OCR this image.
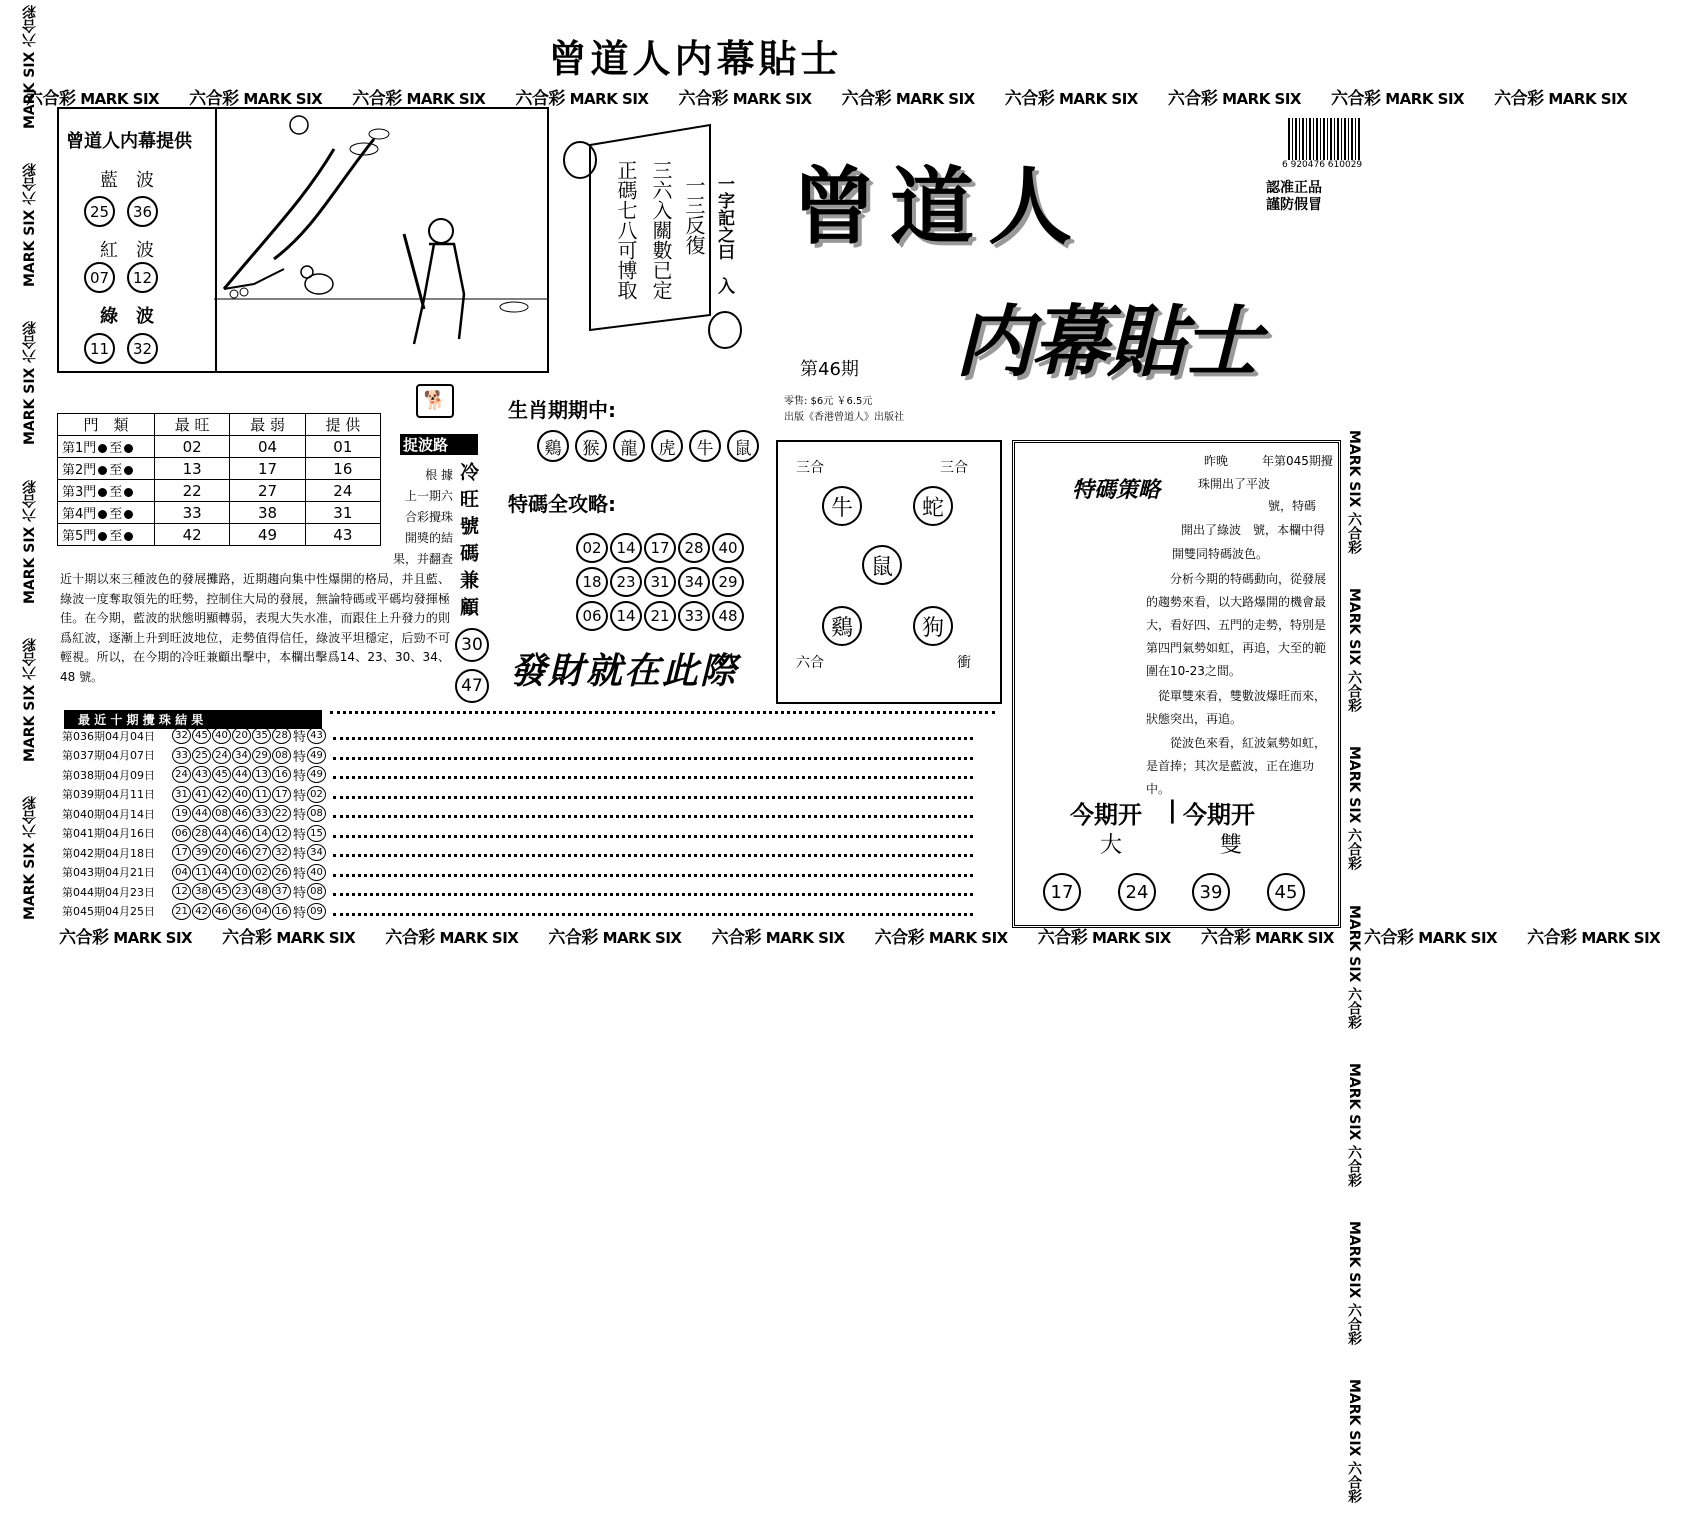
曾道人内幕貼士
六合彩 MARK SIX 六合彩 MARK SIX 六合彩 MARK SIX 六合彩 MARK SIX 六合彩 MARK SIX 六合彩 MARK SIX 六合彩 MARK SIX 六合彩 MARK SIX 六合彩 MARK SIX 六合彩 MARK SIX
六合彩 MARK SIX 六合彩 MARK SIX 六合彩 MARK SIX 六合彩 MARK SIX 六合彩 MARK SIX 六合彩 MARK SIX 六合彩 MARK SIX 六合彩 MARK SIX 六合彩 MARK SIX 六合彩 MARK SIX
MARK SIX 六合彩MARK SIX 六合彩MARK SIX 六合彩MARK SIX 六合彩MARK SIX 六合彩MARK SIX 六合彩
MARK SIX 六合彩MARK SIX 六合彩MARK SIX 六合彩MARK SIX 六合彩MARK SIX 六合彩MARK SIX 六合彩MARK SIX 六合彩
曾道人内幕提供
藍　波
25	36
紅　波
07	12
綠　波
11	32
正碼七八可博取 三六入關數已定 一三反復 一字記之曰　入 曾道人
内幕貼士
第46期
零售: $6元 ￥6.5元
出版《香港曾道人》出版社
6 920476 610029
認准正品
謹防假冒
門　類	最 旺	最 弱	提 供
第1門 至	02	04	01
第2門 至	13	17	16
第3門 至	22	27	24
第4門 至	33	38	31
第5門 至	42	49	43
🐕
捉波路
根 據
上一期六
合彩攪珠
開獎的結
果，并翻查 冷旺號碼兼顧
30
47
近十期以來三種波色的發展攤路，近期趨向集中性爆開的格局，并且藍、綠波一度奪取領先的旺勢，控制住大局的發展，無論特碼或平碼均發揮極佳。在今期，藍波的狀態明顯轉弱，表現大失水准，而跟住上升發力的則爲紅波，逐漸上升到旺波地位，走勢值得信任，綠波平坦穩定，后勁不可輕視。所以，在今期的冷旺兼顧出擊中，本欄出擊爲14、23、30、34、48 號。
生肖期期中:
鷄	猴	龍	虎	牛	鼠
特碼全攻略:
02 14 17 28 40
18 23 31 34 29
06 14 21 33 48
發財就在此際
三合	三合
牛	蛇
鼠
鷄	狗
六合	衝
特碼策略
昨晚	年第045期攪
珠開出了平波
號，特碼
開出了綠波　號，本欄中得
開雙同特碼波色。
分析今期的特碼動向，從發展的趨勢來看，以大路爆開的機會最大，看好四、五門的走勢，特別是第四門氣勢如虹，再追，大至的範圍在10-23之間。
從單雙來看，雙數波爆旺而來，狀態突出，再追。
從波色來看，紅波氣勢如虹，是首捧；其次是藍波，正在進功中。
今期开 | 今期开
大	雙
17	24	39	45
最 近 十 期 攪 珠 結 果
第036期04月04日	32 45 40 20 35 28 特 43
第037期04月07日	33 25 24 34 29 08 特 49
第038期04月09日	24 43 45 44 13 16 特 49
第039期04月11日	31 41 42 40 11 17 特 02
第040期04月14日	19 44 08 46 33 22 特 08
第041期04月16日	06 28 44 46 14 12 特 15
第042期04月18日	17 39 20 46 27 32 特 34
第043期04月21日	04 11 44 10 02 26 特 40
第044期04月23日	12 38 45 23 48 37 特 08
第045期04月25日	21 42 46 36 04 16 特 09
